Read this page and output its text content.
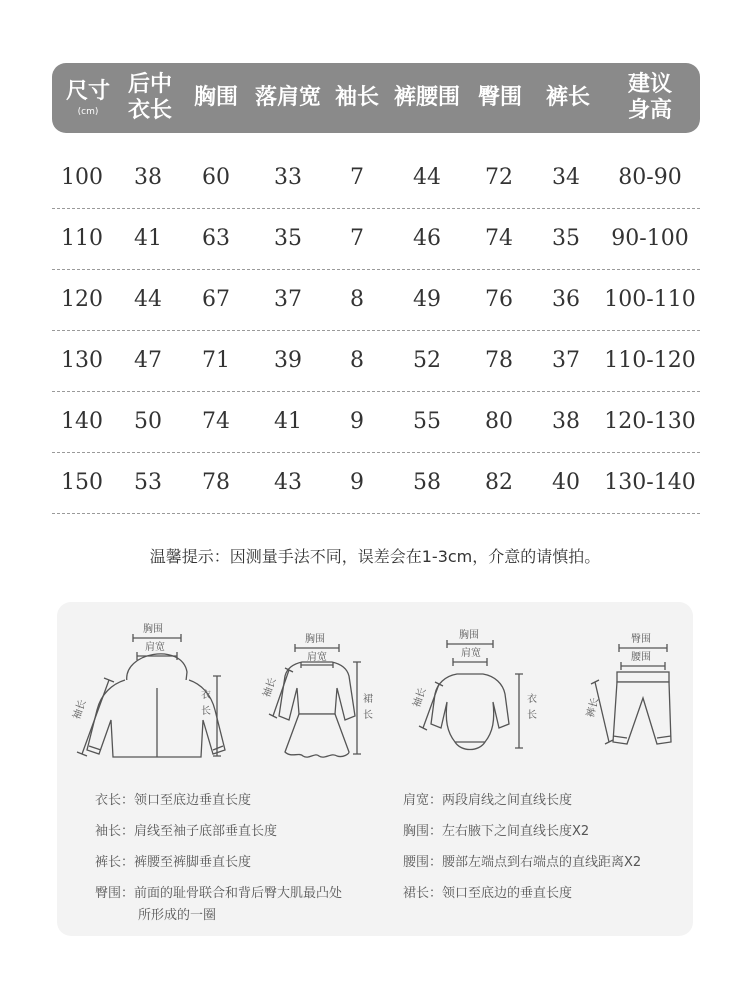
尺寸
(cm)
后中
衣长
胸围 落肩宽 袖长 裤腰围 臀围 裤长
建议
身高
100 38 60 33 7 44 72 34 80-90
110 41 63 35 7 46 74 35 90-100
120 44 67 37 8 49 76 36 100-110
130 47 71 39 8 52 78 37 110-120
140 50 74 41 9 55 80 38 120-130
150 53 78 43 9 58 82 40 130-140
温馨提示：因测量手法不同，误差会在1-3cm，介意的请慎拍。
胸围
肩宽
衣
长
袖长
胸围
肩宽
裙
长
袖长
胸围
肩宽
衣
长
袖长
臀围
腰围
裤长
衣长：领口至底边垂直长度
袖长：肩线至袖子底部垂直长度
裤长：裤腰至裤脚垂直长度
臀围：前面的耻骨联合和背后臀大肌最凸处
所形成的一圈
肩宽：两段肩线之间直线长度
胸围：左右腋下之间直线长度X2
腰围：腰部左端点到右端点的直线距离X2
裙长：领口至底边的垂直长度
